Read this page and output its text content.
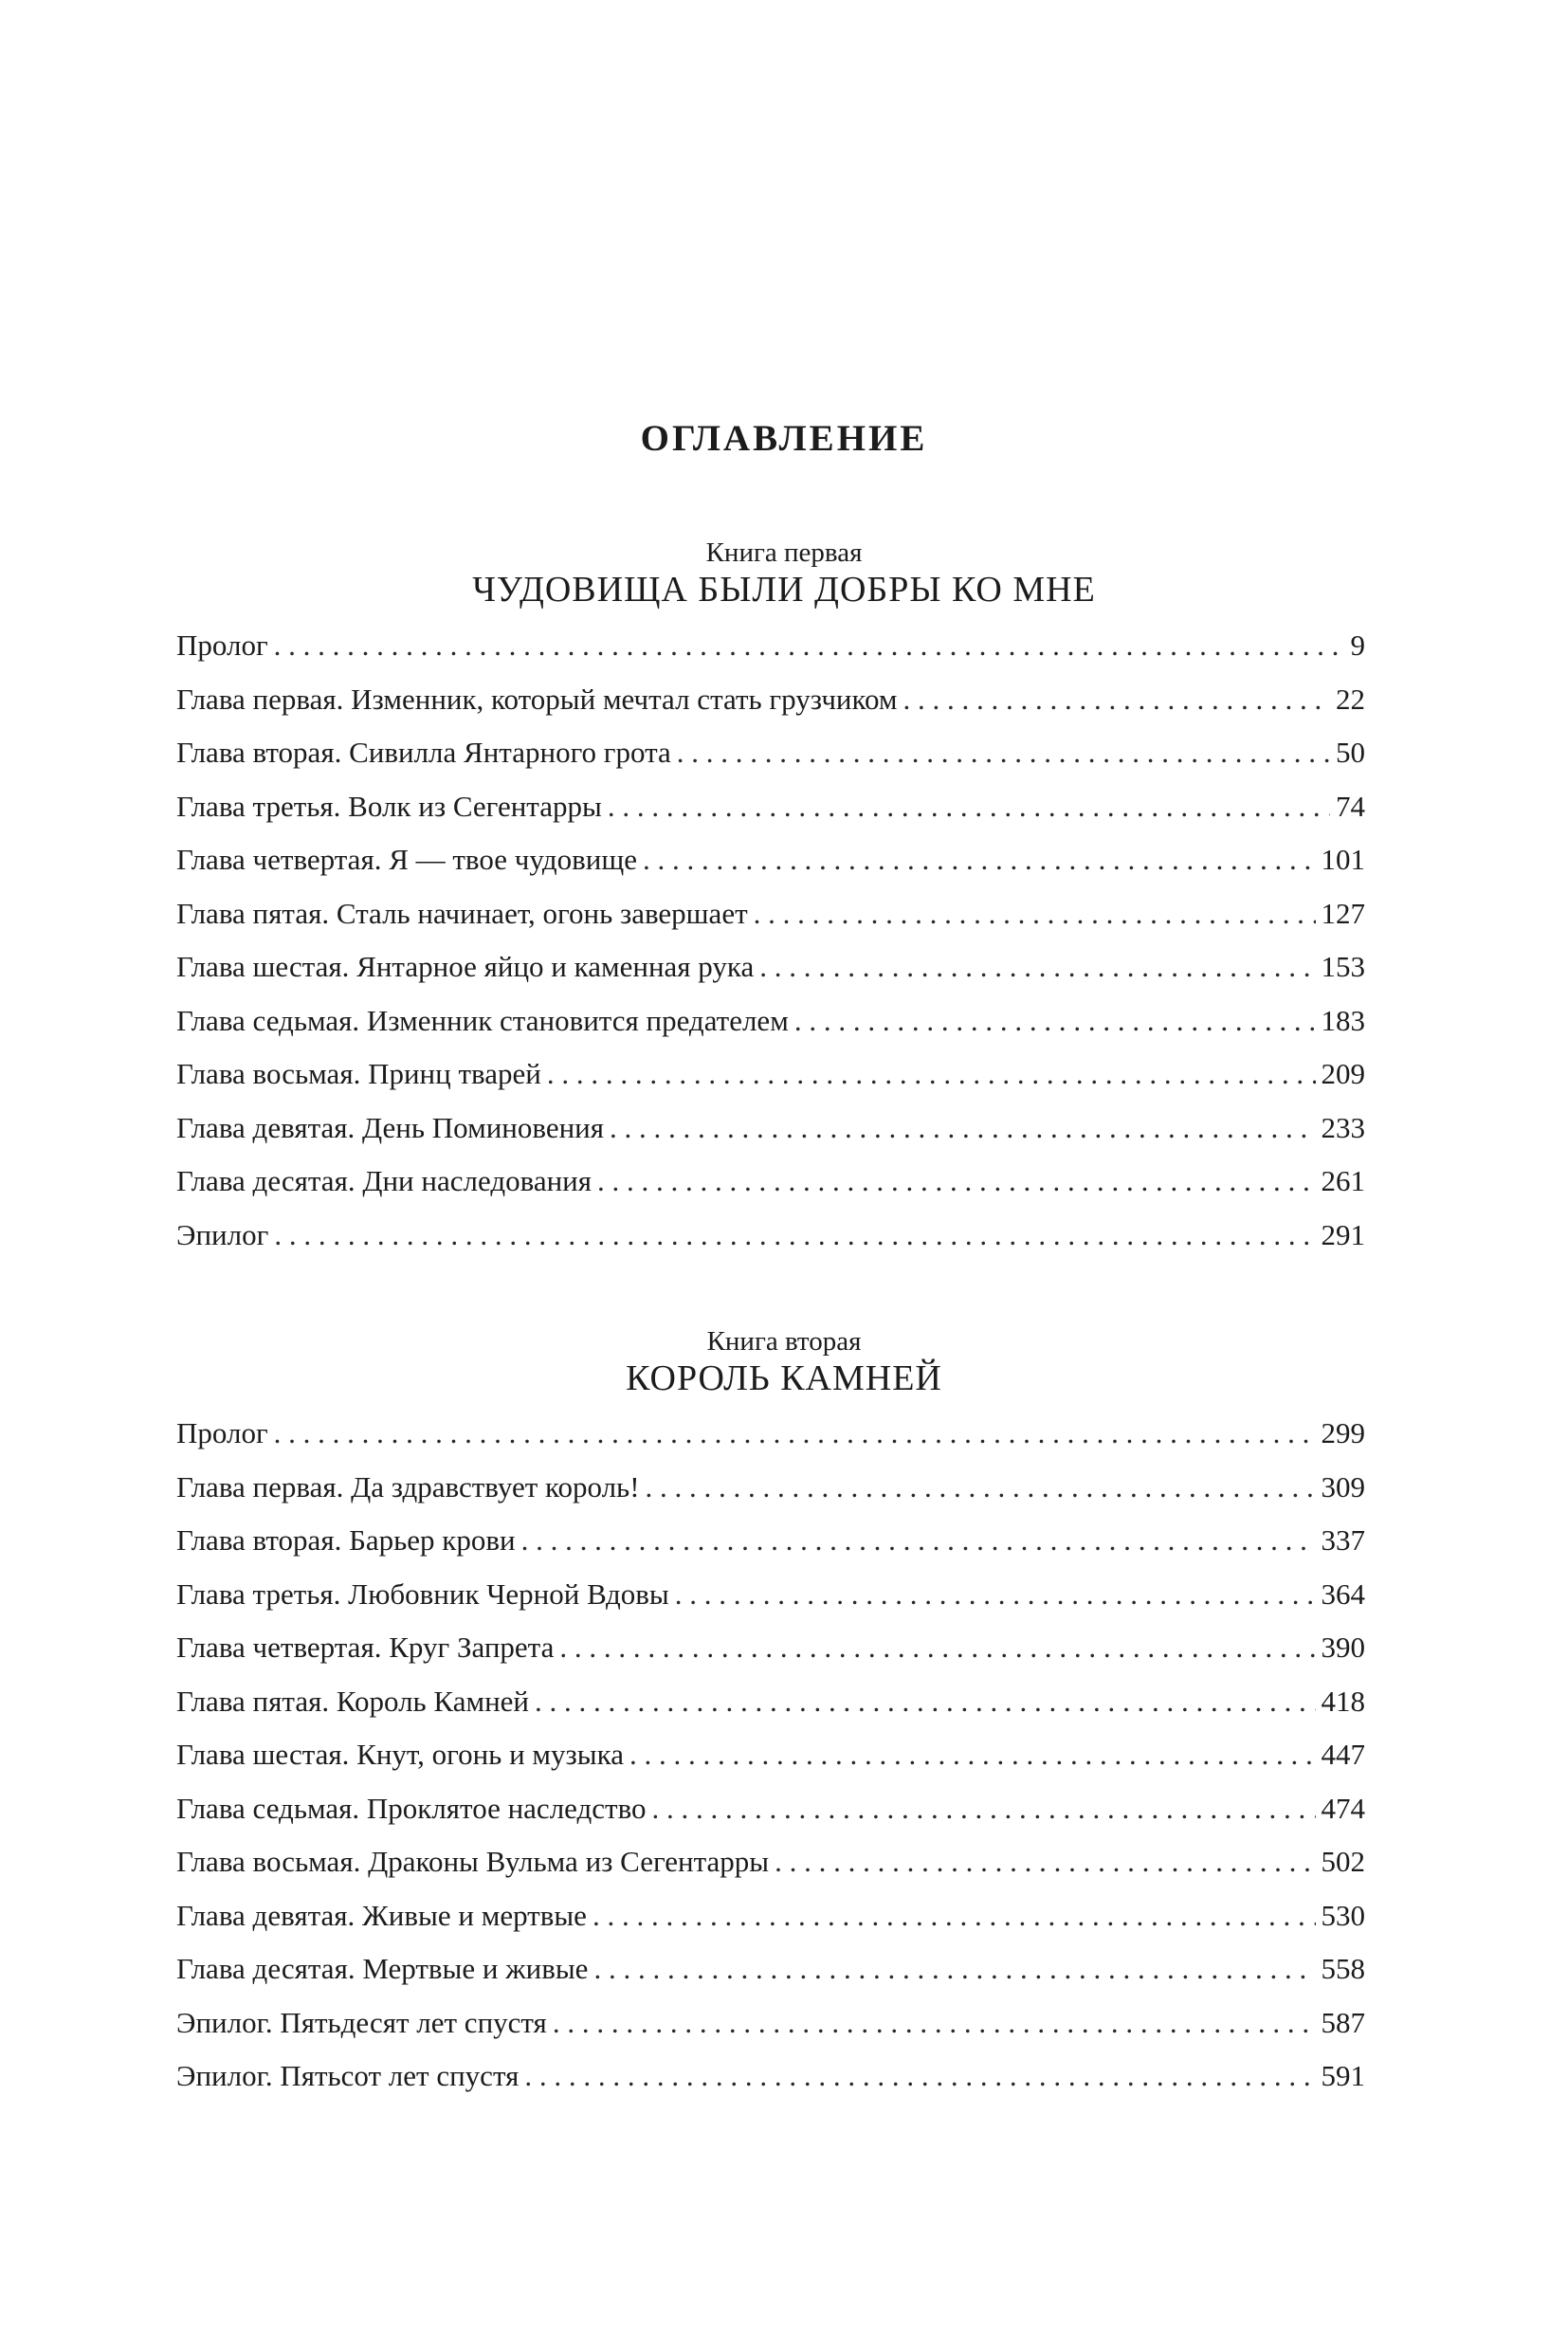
ОГЛАВЛЕНИЕ
Книга первая
ЧУДОВИЩА БЫЛИ ДОБРЫ КО МНЕ
Пролог . . .	9
Глава первая. Изменник, который мечтал стать грузчиком . . .	22
Глава вторая. Сивилла Янтарного грота . . .	50
Глава третья. Волк из Сегентарры . . .	74
Глава четвертая. Я — твое чудовище . . .	101
Глава пятая. Сталь начинает, огонь завершает . . .	127
Глава шестая. Янтарное яйцо и каменная рука . . .	153
Глава седьмая. Изменник становится предателем . . .	183
Глава восьмая. Принц тварей . . .	209
Глава девятая. День Поминовения . . .	233
Глава десятая. Дни наследования . . .	261
Эпилог . . .	291
Книга вторая
КОРОЛЬ КАМНЕЙ
Пролог . . .	299
Глава первая. Да здравствует король! . . .	309
Глава вторая. Барьер крови . . .	337
Глава третья. Любовник Черной Вдовы . . .	364
Глава четвертая. Круг Запрета . . .	390
Глава пятая. Король Камней . . .	418
Глава шестая. Кнут, огонь и музыка . . .	447
Глава седьмая. Проклятое наследство . . .	474
Глава восьмая. Драконы Вульма из Сегентарры . . .	502
Глава девятая. Живые и мертвые . . .	530
Глава десятая. Мертвые и живые . . .	558
Эпилог. Пятьдесят лет спустя . . .	587
Эпилог. Пятьсот лет спустя . . .	591
